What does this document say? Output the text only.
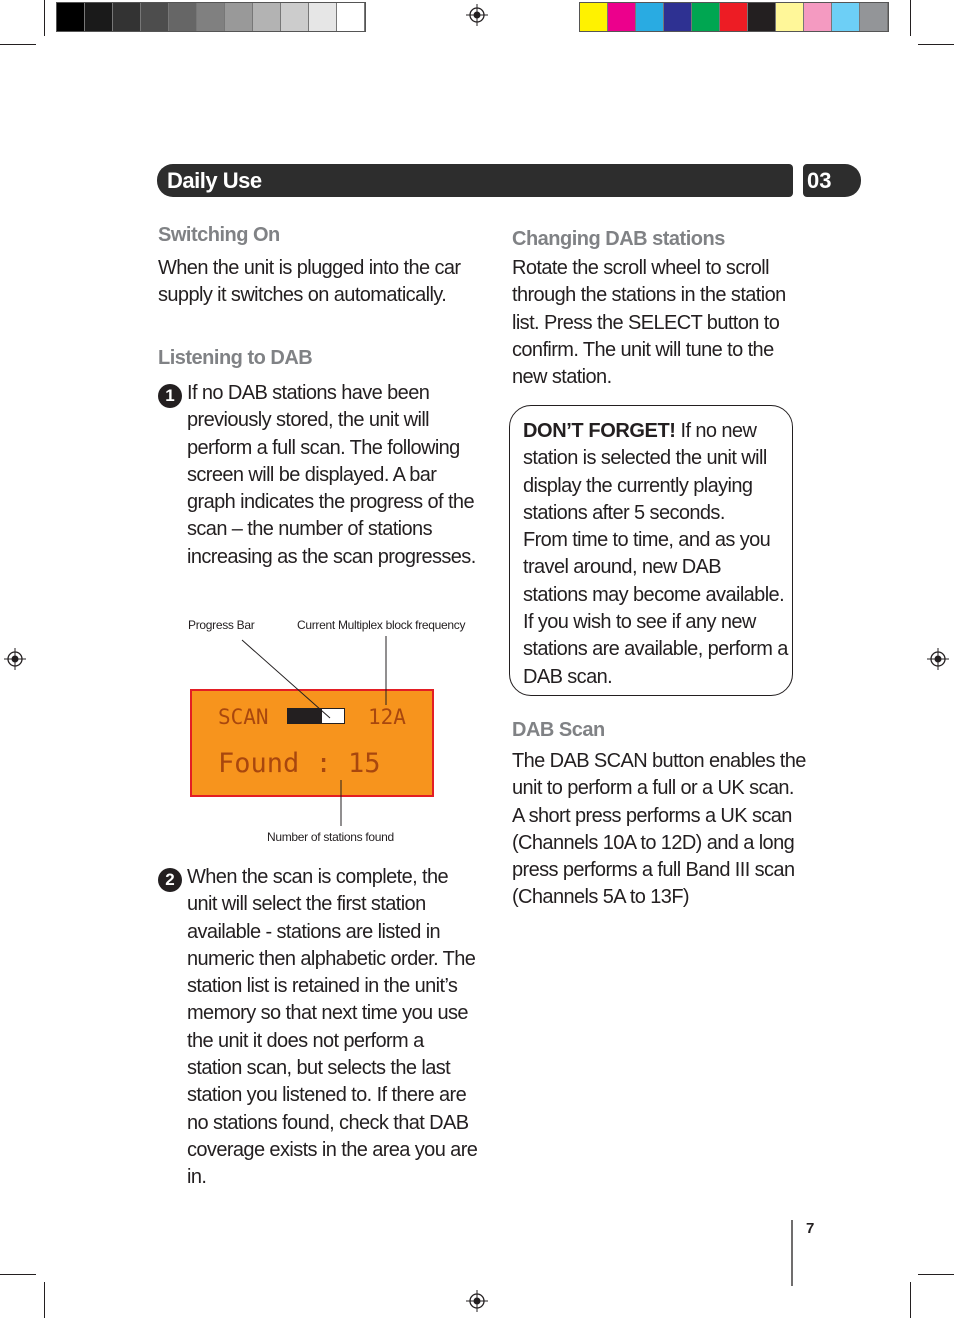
Daily Use	03
Switching On
When the unit is plugged into the car
supply it switches on automatically.
Listening to DAB
1 If no DAB stations have been
previously stored, the unit will
perform a full scan. The following
screen will be displayed. A bar
graph indicates the progress of the
scan – the number of stations
increasing as the scan progresses.
Progress Bar	Current Multiplex block frequency
SCAN	12A
Found : 15
Number of stations found
2 When the scan is complete, the
unit will select the first station
available - stations are listed in
numeric then alphabetic order. The
station list is retained in the unit’s
memory so that next time you use
the unit it does not perform a
station scan, but selects the last
station you listened to. If there are
no stations found, check that DAB
coverage exists in the area you are
in.
Changing DAB stations
Rotate the scroll wheel to scroll
through the stations in the station
list. Press the SELECT button to
confirm. The unit will tune to the
new station.
DON’T FORGET! If no new
station is selected the unit will
display the currently playing
stations after 5 seconds.
From time to time, and as you
travel around, new DAB
stations may become available.
If you wish to see if any new
stations are available, perform a
DAB scan.
DAB Scan
The DAB SCAN button enables the
unit to perform a full or a UK scan.
A short press performs a UK scan
(Channels 10A to 12D) and a long
press performs a full Band III scan
(Channels 5A to 13F)
7
